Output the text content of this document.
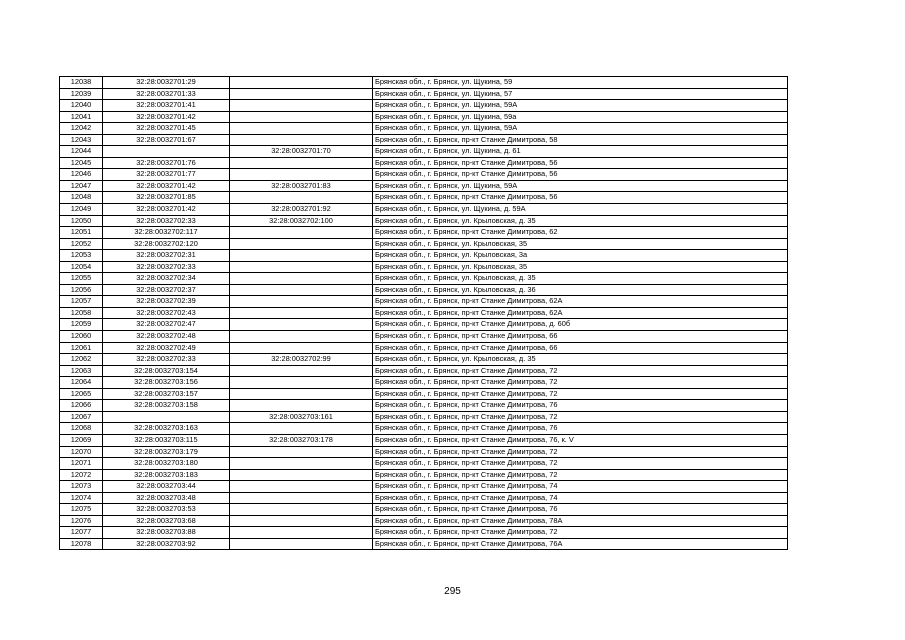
12038	32:28:0032701:29		Брянская обл., г. Брянск, ул. Щукина, 59
12039	32:28:0032701:33		Брянская обл., г. Брянск, ул. Щукина, 57
12040	32:28:0032701:41		Брянская обл., г. Брянск, ул. Щукина, 59А
12041	32:28:0032701:42		Брянская обл., г. Брянск, ул. Щукина, 59а
12042	32:28:0032701:45		Брянская обл., г. Брянск, ул. Щукина, 59А
12043	32:28:0032701:67		Брянская обл., г. Брянск, пр-кт Станке Димитрова, 58
12044		32:28:0032701:70	Брянская обл., г. Брянск, ул. Щукина, д. 61
12045	32:28:0032701:76		Брянская обл., г. Брянск, пр-кт Станке Димитрова, 56
12046	32:28:0032701:77		Брянская обл., г. Брянск, пр-кт Станке Димитрова, 56
12047	32:28:0032701:42	32:28:0032701:83	Брянская обл., г. Брянск, ул. Щукина, 59А
12048	32:28:0032701:85		Брянская обл., г. Брянск, пр-кт Станке Димитрова, 56
12049	32:28:0032701:42	32:28:0032701:92	Брянская обл., г. Брянск, ул. Щукина, д. 59А
12050	32:28:0032702:33	32:28:0032702:100	Брянская обл., г. Брянск, ул. Крыловская, д. 35
12051	32:28:0032702:117		Брянская обл., г. Брянск, пр-кт Станке Димитрова, 62
12052	32:28:0032702:120		Брянская обл., г. Брянск, ул. Крыловская, 35
12053	32:28:0032702:31		Брянская обл., г. Брянск, ул. Крыловская, 3а
12054	32:28:0032702:33		Брянская обл., г. Брянск, ул. Крыловская, 35
12055	32:28:0032702:34		Брянская обл., г. Брянск, ул. Крыловская, д. 35
12056	32:28:0032702:37		Брянская обл., г. Брянск, ул. Крыловская, д. 36
12057	32:28:0032702:39		Брянская обл., г. Брянск, пр-кт Станке Димитрова, 62А
12058	32:28:0032702:43		Брянская обл., г. Брянск, пр-кт Станке Димитрова, 62А
12059	32:28:0032702:47		Брянская обл., г. Брянск, пр-кт Станке Димитрова, д. 60б
12060	32:28:0032702:48		Брянская обл., г. Брянск, пр-кт Станке Димитрова, 66
12061	32:28:0032702:49		Брянская обл., г. Брянск, пр-кт Станке Димитрова, 66
12062	32:28:0032702:33	32:28:0032702:99	Брянская обл., г. Брянск, ул. Крыловская, д. 35
12063	32:28:0032703:154		Брянская обл., г. Брянск, пр-кт Станке Димитрова, 72
12064	32:28:0032703:156		Брянская обл., г. Брянск, пр-кт Станке Димитрова, 72
12065	32:28:0032703:157		Брянская обл., г. Брянск, пр-кт Станке Димитрова, 72
12066	32:28:0032703:158		Брянская обл., г. Брянск, пр-кт Станке Димитрова, 76
12067		32:28:0032703:161	Брянская обл., г. Брянск, пр-кт Станке Димитрова, 72
12068	32:28:0032703:163		Брянская обл., г. Брянск, пр-кт Станке Димитрова, 76
12069	32:28:0032703:115	32:28:0032703:178	Брянская обл., г. Брянск, пр-кт Станке Димитрова, 76, к. V
12070	32:28:0032703:179		Брянская обл., г. Брянск, пр-кт Станке Димитрова, 72
12071	32:28:0032703:180		Брянская обл., г. Брянск, пр-кт Станке Димитрова, 72
12072	32:28:0032703:183		Брянская обл., г. Брянск, пр-кт Станке Димитрова, 72
12073	32:28:0032703:44		Брянская обл., г. Брянск, пр-кт Станке Димитрова, 74
12074	32:28:0032703:48		Брянская обл., г. Брянск, пр-кт Станке Димитрова, 74
12075	32:28:0032703:53		Брянская обл., г. Брянск, пр-кт Станке Димитрова, 76
12076	32:28:0032703:68		Брянская обл., г. Брянск, пр-кт Станке Димитрова, 78А
12077	32:28:0032703:88		Брянская обл., г. Брянск, пр-кт Станке Димитрова, 72
12078	32:28:0032703:92		Брянская обл., г. Брянск, пр-кт Станке Димитрова, 76А
295
